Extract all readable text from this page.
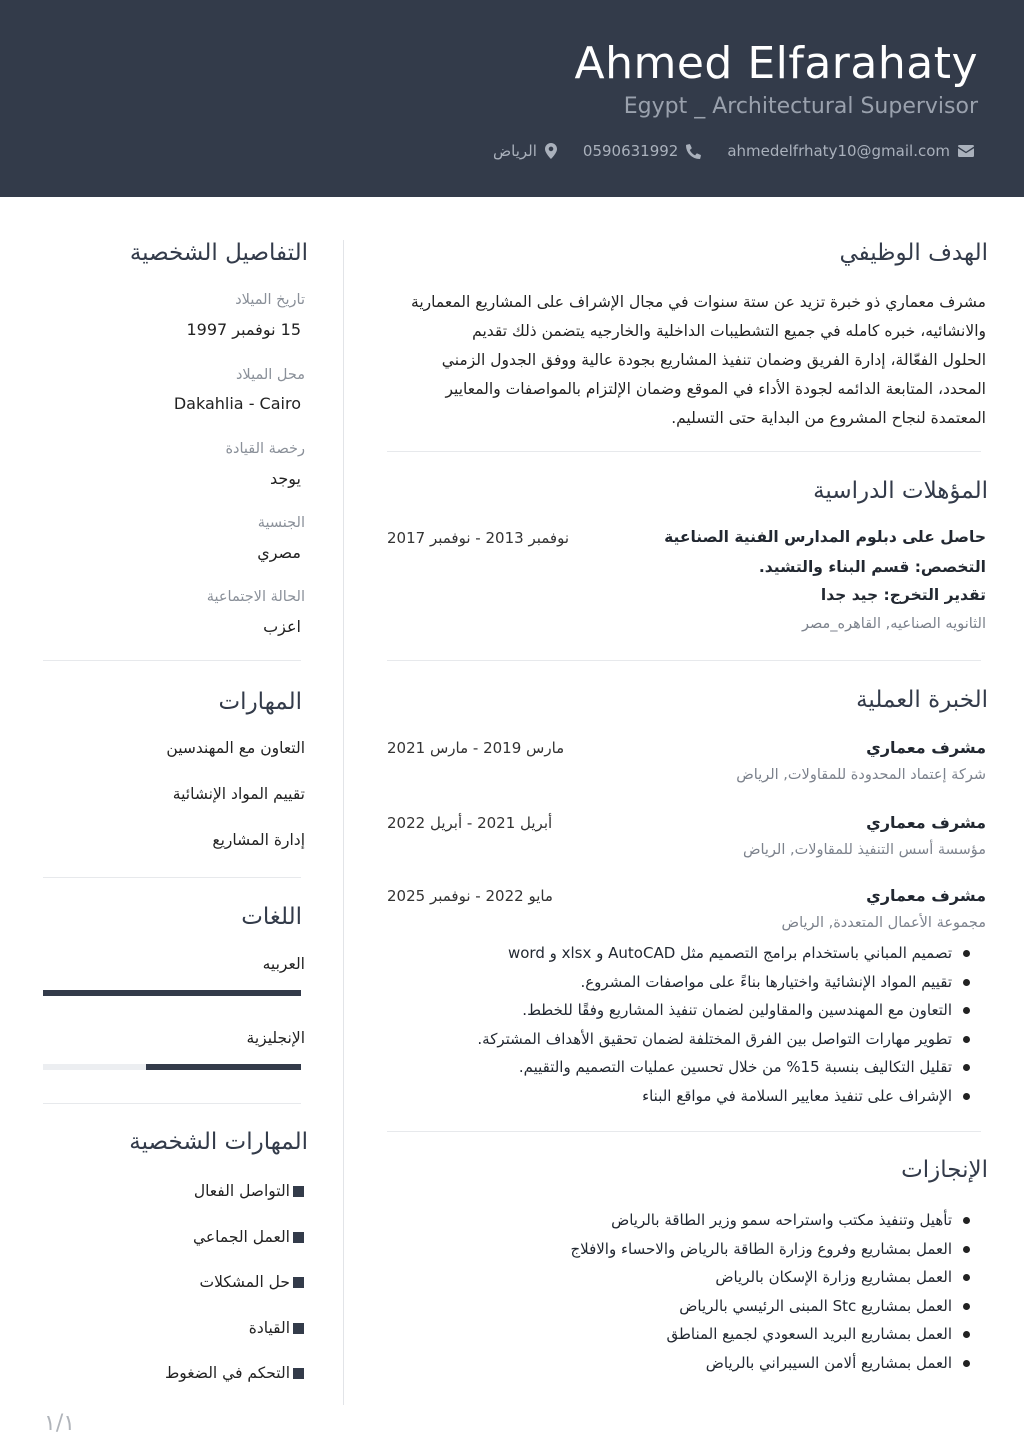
Ahmed Elfarahaty
Egypt _ Architectural Supervisor
الرياض	0590631992	ahmedelfrhaty10@gmail.com
الهدف الوظيفي
مشرف معماري ذو خبرة تزيد عن ستة سنوات في مجال الإشراف على المشاريع المعمارية
والانشائيه، خبره كامله في جميع التشطيبات الداخلية والخارجيه يتضمن ذلك تقديم
الحلول الفعّالة، إدارة الفريق وضمان تنفيذ المشاريع بجودة عالية ووفق الجدول الزمني
المحدد، المتابعة الدائمه لجودة الأداء في الموقع وضمان الإلتزام بالمواصفات والمعايير
المعتمدة لنجاح المشروع من البداية حتى التسليم.
المؤهلات الدراسية
حاصل على دبلوم المدارس الفنية الصناعية
نوفمبر 2013 - نوفمبر 2017
التخصص: قسم البناء والتشيد.
تقدير التخرج: جيد جدا
الثانويه الصناعيه, القاهره_مصر
الخبرة العملية
مشرف معماري
مارس 2019 - مارس 2021
شركة إعتماد المحدودة للمقاولات, الرياض
مشرف معماري
أبريل 2021 - أبريل 2022
مؤسسة أسس التنفيذ للمقاولات, الرياض
مشرف معماري
مايو 2022 - نوفمبر 2025
مجموعة الأعمال المتعددة, الرياض
تصميم المباني باستخدام برامج التصميم مثل AutoCAD و xlsx و word
تقييم المواد الإنشائية واختيارها بناءً على مواصفات المشروع.
التعاون مع المهندسين والمقاولين لضمان تنفيذ المشاريع وفقًا للخطط.
تطوير مهارات التواصل بين الفرق المختلفة لضمان تحقيق الأهداف المشتركة.
تقليل التكاليف بنسبة 15% من خلال تحسين عمليات التصميم والتقييم.
الإشراف على تنفيذ معايير السلامة في مواقع البناء
الإنجازات
تأهيل وتنفيذ مكتب واستراحه سمو وزير الطاقة بالرياض
العمل بمشاريع وفروع وزارة الطاقة بالرياض والاحساء والافلاج
العمل بمشاريع وزارة الإسكان بالرياض
العمل بمشاريع Stc المبنى الرئيسي بالرياض
العمل بمشاريع البريد السعودي لجميع المناطق
العمل بمشاريع ألامن السيبراني بالرياض
التفاصيل الشخصية
تاريخ الميلاد
15 نوفمبر 1997
محل الميلاد
Dakahlia - Cairo
رخصة القيادة
يوجد
الجنسية
مصري
الحالة الاجتماعية
اعزب
المهارات
التعاون مع المهندسين
تقييم المواد الإنشائية
إدارة المشاريع
اللغات
العربيه
الإنجليزية
المهارات الشخصية
التواصل الفعال
العمل الجماعي
حل المشكلات
القيادة
التحكم في الضغوط
١/١
